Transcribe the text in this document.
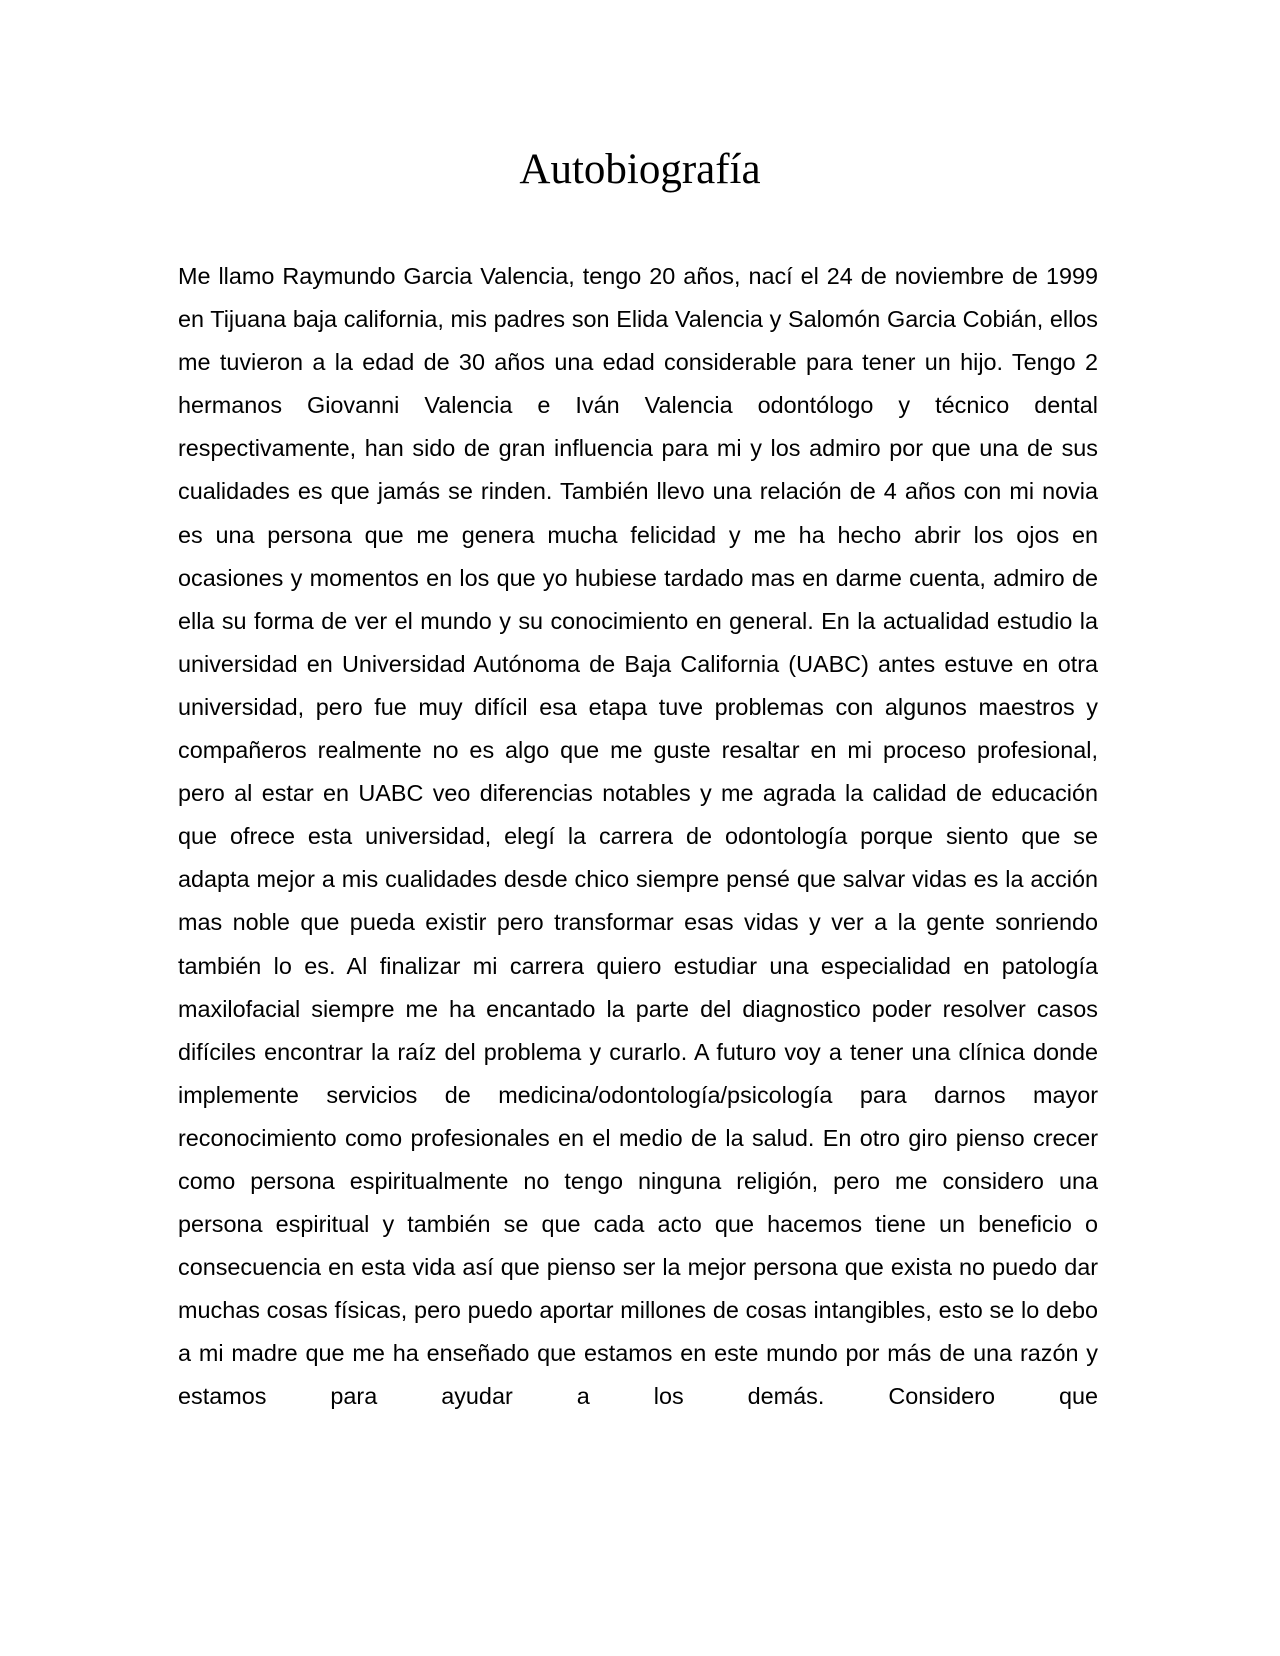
Autobiografía

Me llamo Raymundo Garcia Valencia, tengo 20 años, nací el 24 de noviembre de 1999 en Tijuana baja california, mis padres son Elida Valencia y Salomón Garcia Cobián, ellos me tuvieron a la edad de 30 años una edad considerable para tener un hijo. Tengo 2 hermanos Giovanni Valencia e Iván Valencia odontólogo y técnico dental respectivamente, han sido de gran influencia para mi y los admiro por que una de sus cualidades es que jamás se rinden. También llevo una relación de 4 años con mi novia es una persona que me genera mucha felicidad y me ha hecho abrir los ojos en ocasiones y momentos en los que yo hubiese tardado mas en darme cuenta, admiro de ella su forma de ver el mundo y su conocimiento en general. En la actualidad estudio la universidad en Universidad Autónoma de Baja California (UABC) antes estuve en otra universidad, pero fue muy difícil esa etapa tuve problemas con algunos maestros y compañeros realmente no es algo que me guste resaltar en mi proceso profesional, pero al estar en UABC veo diferencias notables y me agrada la calidad de educación que ofrece esta universidad, elegí la carrera de odontología porque siento que se adapta mejor a mis cualidades desde chico siempre pensé que salvar vidas es la acción mas noble que pueda existir pero transformar esas vidas y ver a la gente sonriendo también lo es. Al finalizar mi carrera quiero estudiar una especialidad en patología maxilofacial siempre me ha encantado la parte del diagnostico poder resolver casos difíciles encontrar la raíz del problema y curarlo. A futuro voy a tener una clínica donde implemente servicios de medicina/odontología/psicología para darnos mayor reconocimiento como profesionales en el medio de la salud. En otro giro pienso crecer como persona espiritualmente no tengo ninguna religión, pero me considero una persona espiritual y también se que cada acto que hacemos tiene un beneficio o consecuencia en esta vida así que pienso ser la mejor persona que exista no puedo dar muchas cosas físicas, pero puedo aportar millones de cosas intangibles, esto se lo debo a mi madre que me ha enseñado que estamos en este mundo por más de una razón y estamos para ayudar a los demás. Considero que
